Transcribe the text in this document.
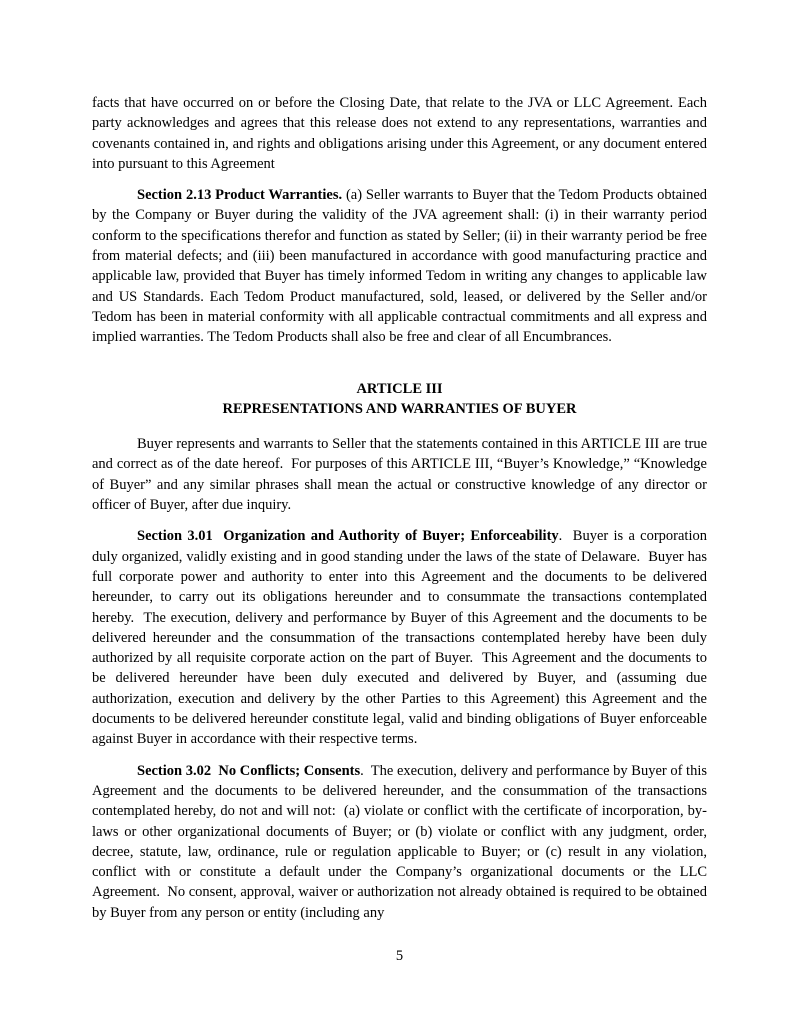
facts that have occurred on or before the Closing Date, that relate to the JVA or LLC Agreement. Each party acknowledges and agrees that this release does not extend to any representations, warranties and covenants contained in, and rights and obligations arising under this Agreement, or any document entered into pursuant to this Agreement

Section 2.13 Product Warranties. (a) Seller warrants to Buyer that the Tedom Products obtained by the Company or Buyer during the validity of the JVA agreement shall: (i) in their warranty period conform to the specifications therefor and function as stated by Seller; (ii) in their warranty period be free from material defects; and (iii) been manufactured in accordance with good manufacturing practice and applicable law, provided that Buyer has timely informed Tedom in writing any changes to applicable law and US Standards. Each Tedom Product manufactured, sold, leased, or delivered by the Seller and/or Tedom has been in material conformity with all applicable contractual commitments and all express and implied warranties. The Tedom Products shall also be free and clear of all Encumbrances.

ARTICLE III
REPRESENTATIONS AND WARRANTIES OF BUYER

Buyer represents and warrants to Seller that the statements contained in this ARTICLE III are true and correct as of the date hereof.  For purposes of this ARTICLE III, “Buyer’s Knowledge,” “Knowledge of Buyer” and any similar phrases shall mean the actual or constructive knowledge of any director or officer of Buyer, after due inquiry.

Section 3.01  Organization and Authority of Buyer; Enforceability.  Buyer is a corporation duly organized, validly existing and in good standing under the laws of the state of Delaware.  Buyer has full corporate power and authority to enter into this Agreement and the documents to be delivered hereunder, to carry out its obligations hereunder and to consummate the transactions contemplated hereby.  The execution, delivery and performance by Buyer of this Agreement and the documents to be delivered hereunder and the consummation of the transactions contemplated hereby have been duly authorized by all requisite corporate action on the part of Buyer.  This Agreement and the documents to be delivered hereunder have been duly executed and delivered by Buyer, and (assuming due authorization, execution and delivery by the other Parties to this Agreement) this Agreement and the documents to be delivered hereunder constitute legal, valid and binding obligations of Buyer enforceable against Buyer in accordance with their respective terms.

Section 3.02  No Conflicts; Consents.  The execution, delivery and performance by Buyer of this Agreement and the documents to be delivered hereunder, and the consummation of the transactions contemplated hereby, do not and will not:  (a) violate or conflict with the certificate of incorporation, by-laws or other organizational documents of Buyer; or (b) violate or conflict with any judgment, order, decree, statute, law, ordinance, rule or regulation applicable to Buyer; or (c) result in any violation, conflict with or constitute a default under the Company’s organizational documents or the LLC Agreement.  No consent, approval, waiver or authorization not already obtained is required to be obtained by Buyer from any person or entity (including any

5
